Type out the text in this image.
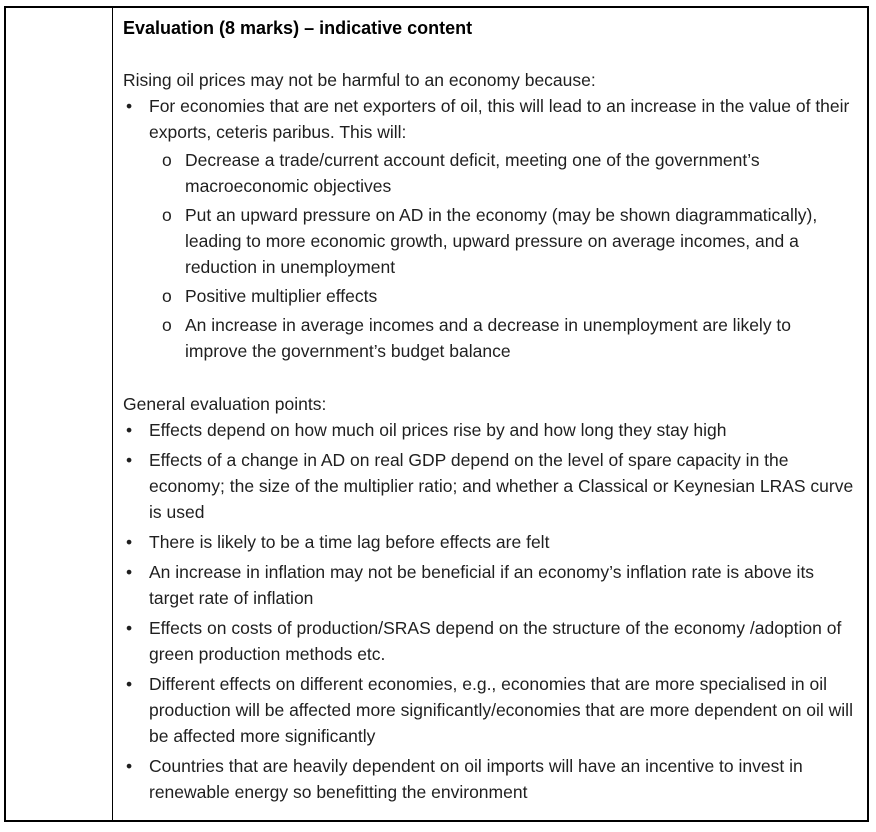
Evaluation (8 marks) – indicative content
Rising oil prices may not be harmful to an economy because:
• For economies that are net exporters of oil, this will lead to an increase in the value of their exports, ceteris paribus. This will:
o Decrease a trade/current account deficit, meeting one of the government’s macroeconomic objectives
o Put an upward pressure on AD in the economy (may be shown diagrammatically), leading to more economic growth, upward pressure on average incomes, and a reduction in unemployment
o Positive multiplier effects
o An increase in average incomes and a decrease in unemployment are likely to improve the government’s budget balance
General evaluation points:
• Effects depend on how much oil prices rise by and how long they stay high
• Effects of a change in AD on real GDP depend on the level of spare capacity in the economy; the size of the multiplier ratio; and whether a Classical or Keynesian LRAS curve is used
• There is likely to be a time lag before effects are felt
• An increase in inflation may not be beneficial if an economy’s inflation rate is above its target rate of inflation
• Effects on costs of production/SRAS depend on the structure of the economy /adoption of green production methods etc.
• Different effects on different economies, e.g., economies that are more specialised in oil production will be affected more significantly/economies that are more dependent on oil will be affected more significantly
• Countries that are heavily dependent on oil imports will have an incentive to invest in renewable energy so benefitting the environment
